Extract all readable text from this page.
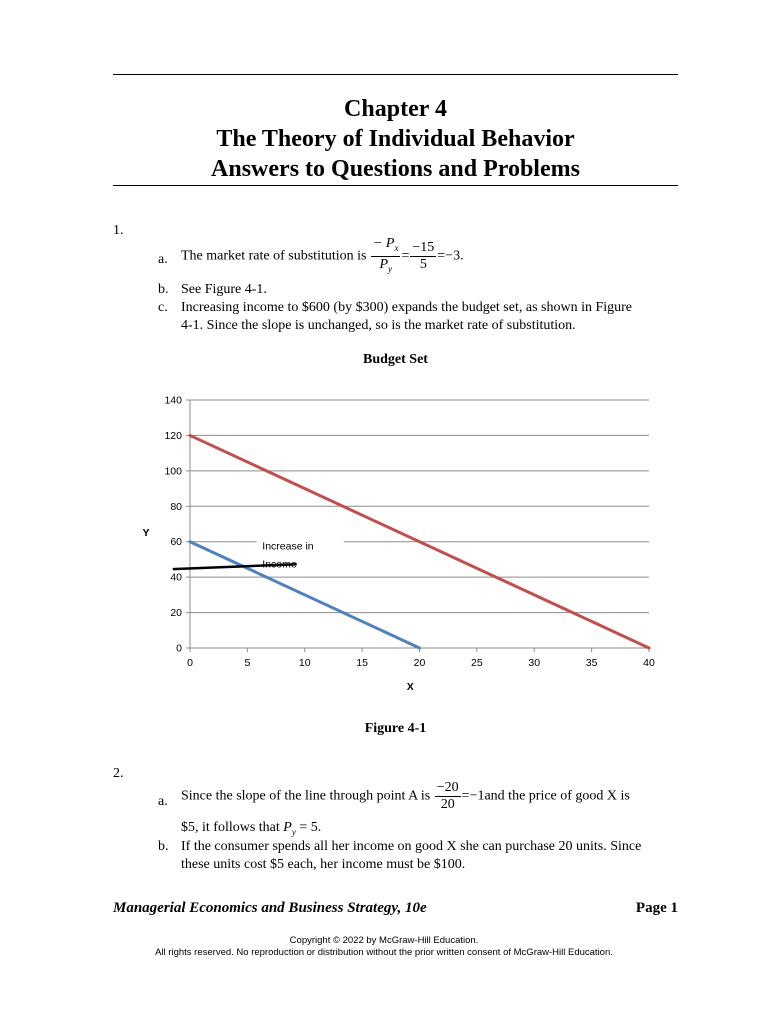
Chapter 4
The Theory of Individual Behavior
Answers to Questions and Problems
1.
a. The market rate of substitution is $\frac{- P_x}{P_y} = \frac{-15}{5} =-3$.
b. See Figure 4-1.
c. Increasing income to $600 (by $300) expands the budget set, as shown in Figure
4-1. Since the slope is unchanged, so is the market rate of substitution.
Budget Set
0
20
40
60
80
100
120
140
0	5	10	15	20	25	30	35	40
X
Y
Increase in
Figure 4-1
2.
a. Since the slope of the line through point A is $\frac{-20}{20} =-1and$ the price of good X is
$5, it follows that $P_y = 5$.
b. If the consumer spends all her income on good X she can purchase 20 units. Since
these units cost $5 each, her income must be $100.
Managerial Economics and Business Strategy, 10e	Page 1
Copyright © 2022 by McGraw-Hill Education.
All rights reserved. No reproduction or distribution without the prior written consent of McGraw-Hill Education.
